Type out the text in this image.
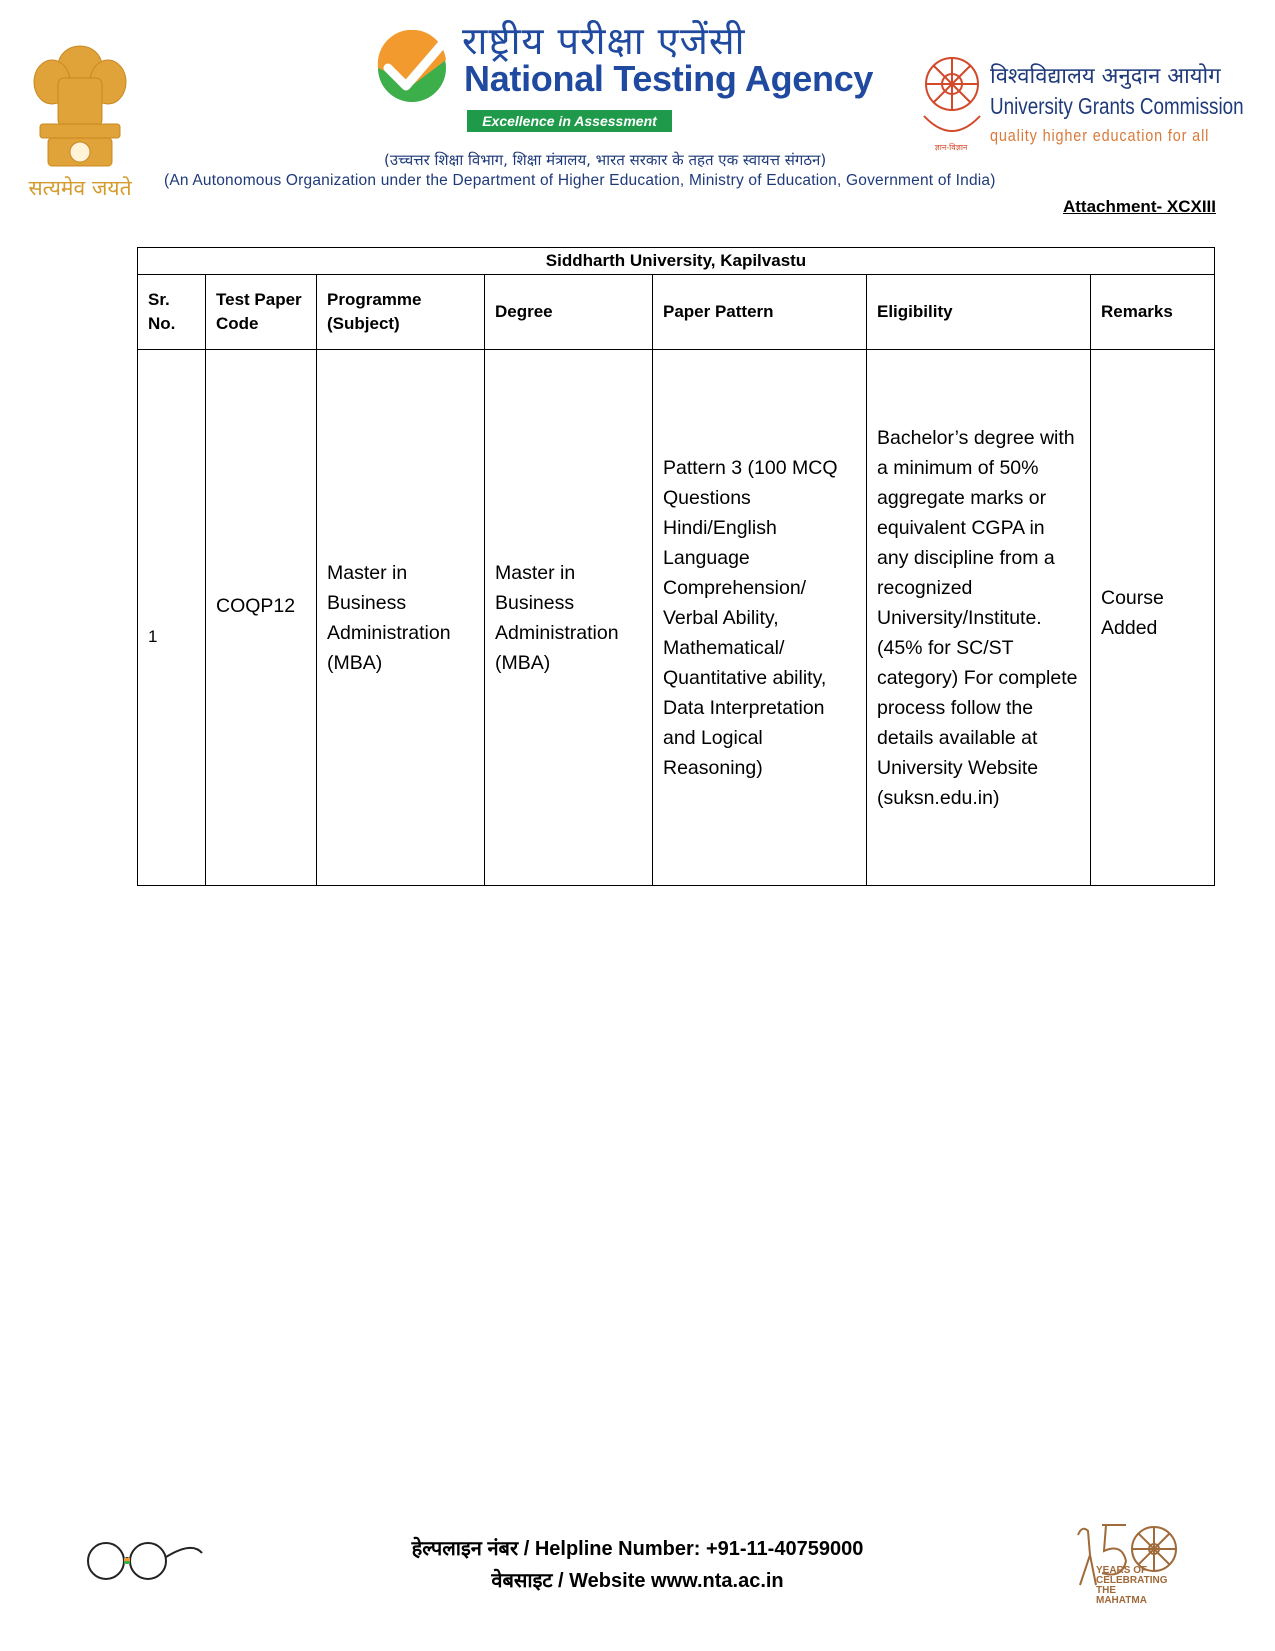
सत्यमेव जयते
राष्ट्रीय परीक्षा एजेंसी
National Testing Agency
Excellence in Assessment
ज्ञान-विज्ञान
विश्वविद्यालय अनुदान आयोग
University Grants Commission
quality higher education for all
(उच्चत्तर शिक्षा विभाग, शिक्षा मंत्रालय, भारत सरकार के तहत एक स्वायत्त संगठन)
(An Autonomous Organization under the Department of Higher Education, Ministry of Education, Government of India)
Attachment- XCXIII
Siddharth University, Kapilvastu						
Sr. No.	Test Paper Code	Programme (Subject)	Degree	Paper Pattern	Eligibility	Remarks
1	COQP12	Master in Business Administration (MBA)	Master in Business Administration (MBA)	Pattern 3 (100 MCQ Questions Hindi/English Language Comprehension/ Verbal Ability, Mathematical/ Quantitative ability, Data Interpretation and Logical Reasoning)	Bachelor’s degree with a minimum of 50% aggregate marks or equivalent CGPA in any discipline from a recognized University/Institute. (45% for SC/ST category) For complete process follow the details available at University Website (suksn.edu.in)	Course Added
हेल्पलाइन नंबर / Helpline Number: +91-11-40759000
वेबसाइट / Website www.nta.ac.in	YEARS OF CELEBRATING THE MAHATMA
